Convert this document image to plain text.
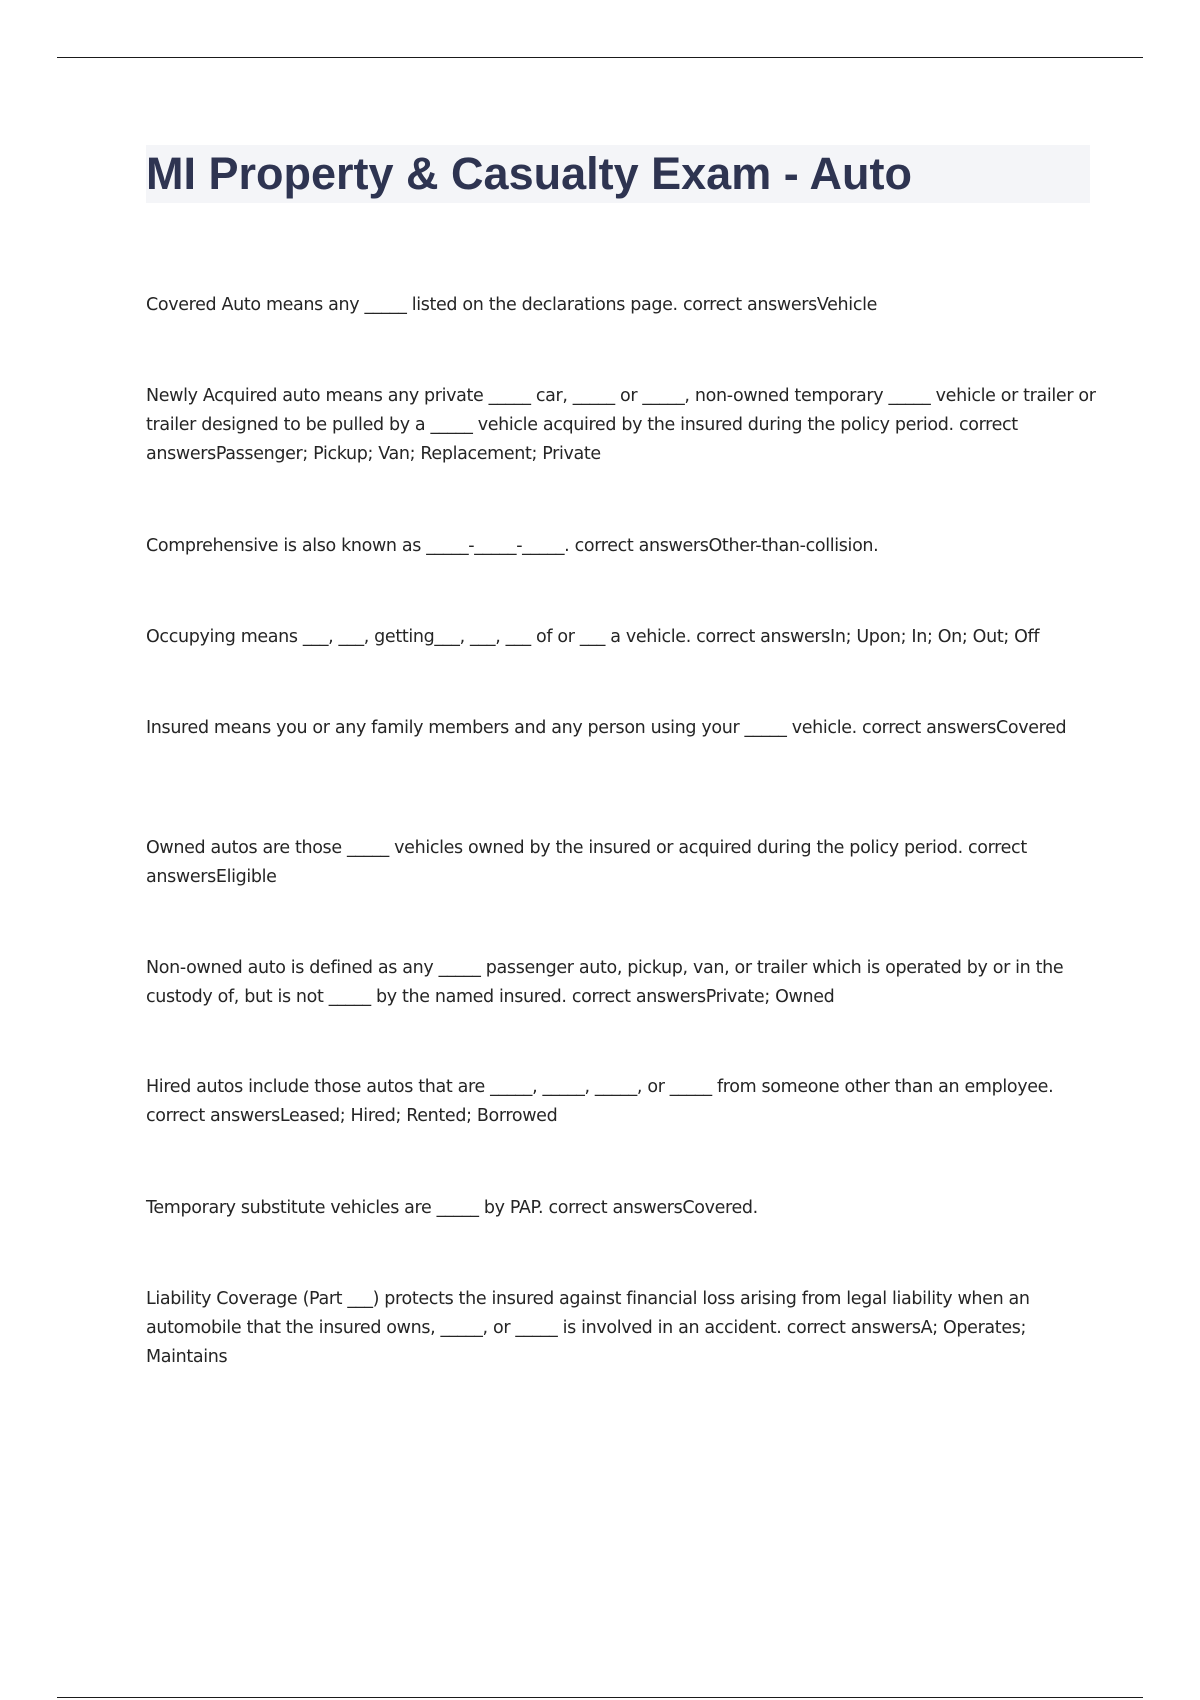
MI Property & Casualty Exam - Auto

Covered Auto means any _____ listed on the declarations page. correct answersVehicle

Newly Acquired auto means any private _____ car, _____ or _____, non-owned temporary _____ vehicle or trailer or trailer designed to be pulled by a _____ vehicle acquired by the insured during the policy period. correct answersPassenger; Pickup; Van; Replacement; Private

Comprehensive is also known as _____-_____-_____. correct answersOther-than-collision.

Occupying means ___, ___, getting___, ___, ___ of or ___ a vehicle. correct answersIn; Upon; In; On; Out; Off

Insured means you or any family members and any person using your _____ vehicle. correct answersCovered

Owned autos are those _____ vehicles owned by the insured or acquired during the policy period. correct answersEligible

Non-owned auto is defined as any _____ passenger auto, pickup, van, or trailer which is operated by or in the custody of, but is not _____ by the named insured. correct answersPrivate; Owned

Hired autos include those autos that are _____, _____, _____, or _____ from someone other than an employee. correct answersLeased; Hired; Rented; Borrowed

Temporary substitute vehicles are _____ by PAP. correct answersCovered.

Liability Coverage (Part ___) protects the insured against financial loss arising from legal liability when an automobile that the insured owns, _____, or _____ is involved in an accident. correct answersA; Operates; Maintains
